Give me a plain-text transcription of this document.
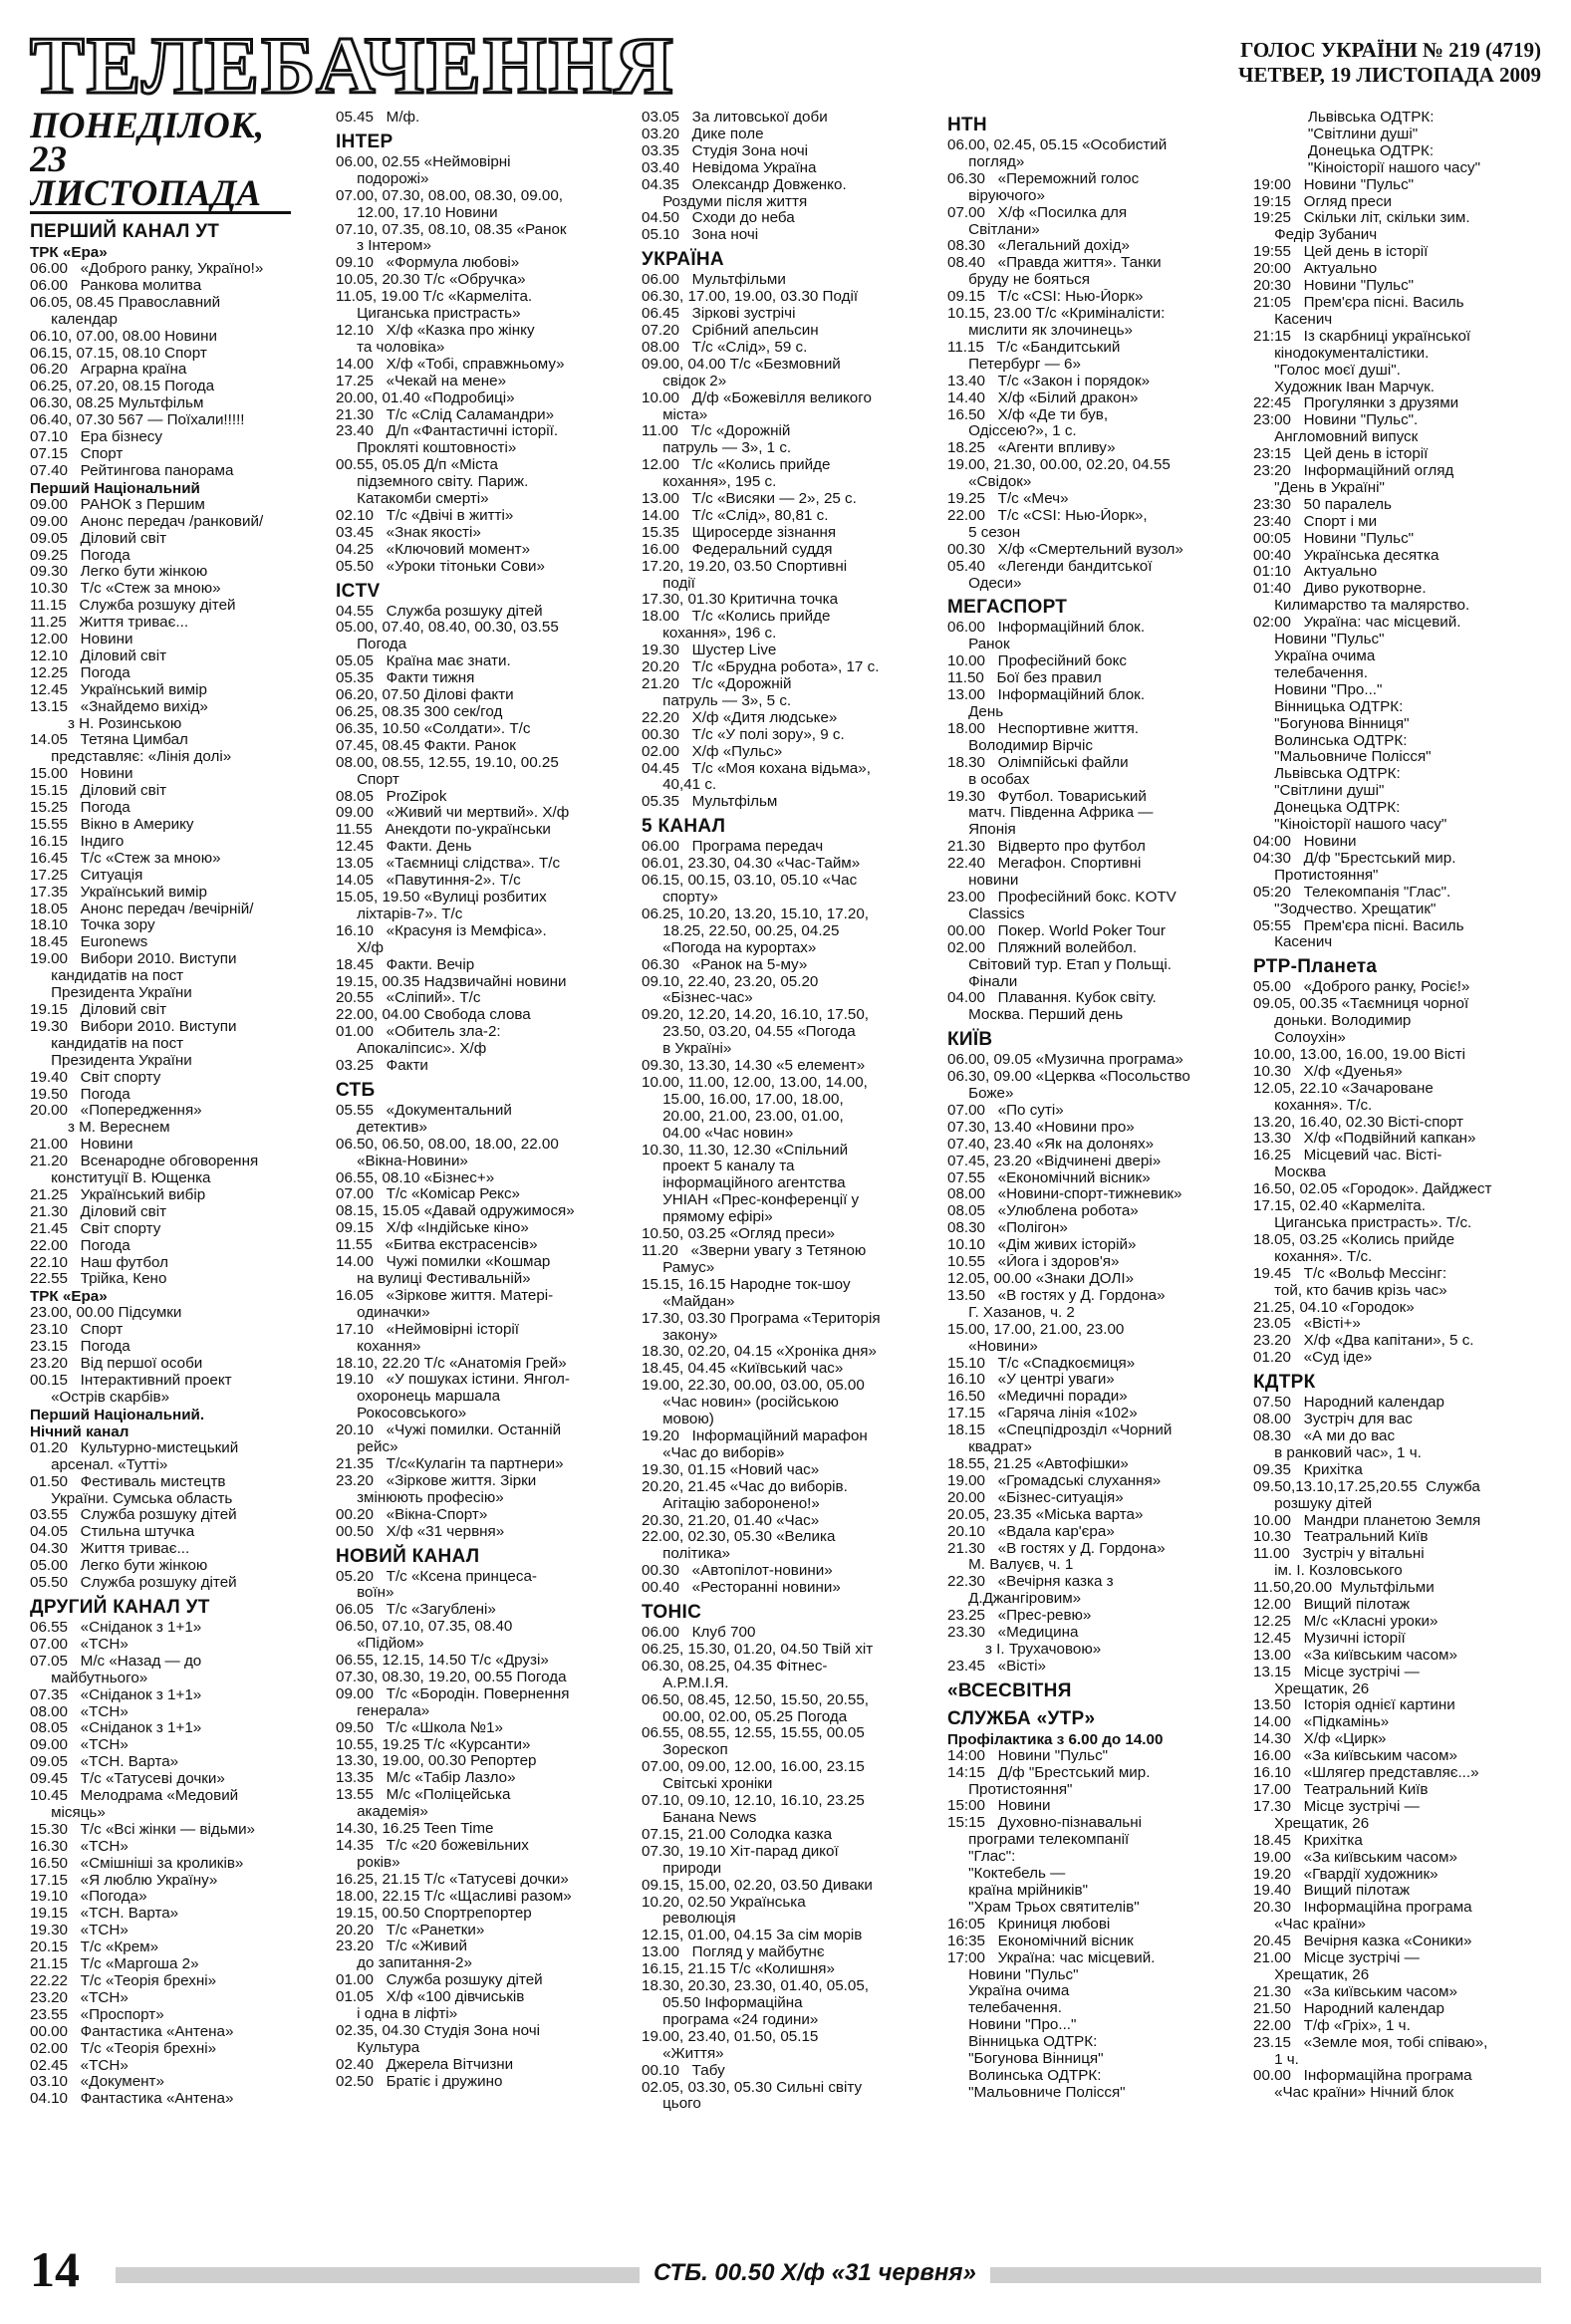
ТЕЛЕБАЧЕННЯ	ГОЛОС УКРАЇНИ № 219 (4719)
ЧЕТВЕР, 19 ЛИСТОПАДА 2009
ПОНЕДІЛОК, 23 ЛИСТОПАДА
ПЕРШИЙ КАНАЛ УТ
ТРК «Ера»
06.00   «Доброго ранку, Україно!»
06.00   Ранкова молитва
06.05, 08.45 Православний
календар
06.10, 07.00, 08.00 Новини
06.15, 07.15, 08.10 Спорт
06.20   Аграрна країна
06.25, 07.20, 08.15 Погода
06.30, 08.25 Мультфільм
06.40, 07.30 567 — Поїхали!!!!!
07.10   Ера бізнесу
07.15   Спорт
07.40   Рейтингова панорама
Перший Національний
09.00   РАНОК з Першим
09.00   Анонс передач /ранковий/
09.05   Діловий світ
09.25   Погода
09.30   Легко бути жінкою
10.30   Т/с «Стеж за мною»
11.15   Служба розшуку дітей
11.25   Життя триває...
12.00   Новини
12.10   Діловий світ
12.25   Погода
12.45   Український вимір
13.15   «Знайдемо вихід»
з Н. Розинською
14.05   Тетяна Цимбал
представляє: «Лінія долі»
15.00   Новини
15.15   Діловий світ
15.25   Погода
15.55   Вікно в Америку
16.15   Індиго
16.45   Т/с «Стеж за мною»
17.25   Ситуація
17.35   Український вимір
18.05   Анонс передач /вечірній/
18.10   Точка зору
18.45   Euronews
19.00   Вибори 2010. Виступи
кандидатів на пост
Президента України
19.15   Діловий світ
19.30   Вибори 2010. Виступи
кандидатів на пост
Президента України
19.40   Світ спорту
19.50   Погода
20.00   «Попередження»
з М. Вереснем
21.00   Новини
21.20   Всенародне обговорення
конституції В. Ющенка
21.25   Український вибір
21.30   Діловий світ
21.45   Світ спорту
22.00   Погода
22.10   Наш футбол
22.55   Трійка, Кено
ТРК «Ера»
23.00, 00.00 Підсумки
23.10   Спорт
23.15   Погода
23.20   Від першої особи
00.15   Інтерактивний проект
«Острів скарбів»
Перший Національний.
Нічний канал
01.20   Культурно-мистецький
арсенал. «Тутті»
01.50   Фестиваль мистецтв
України. Сумська область
03.55   Служба розшуку дітей
04.05   Стильна штучка
04.30   Життя триває...
05.00   Легко бути жінкою
05.50   Служба розшуку дітей
ДРУГИЙ КАНАЛ УТ
06.55   «Сніданок з 1+1»
07.00   «ТСН»
07.05   М/с «Назад — до
майбутнього»
07.35   «Сніданок з 1+1»
08.00   «ТСН»
08.05   «Сніданок з 1+1»
09.00   «ТСН»
09.05   «ТСН. Варта»
09.45   Т/с «Татусеві дочки»
10.45   Мелодрама «Медовий
місяць»
15.30   Т/с «Всі жінки — відьми»
16.30   «ТСН»
16.50   «Смішніші за кроликів»
17.15   «Я люблю Україну»
19.10   «Погода»
19.15   «ТСН. Варта»
19.30   «ТСН»
20.15   Т/с «Крем»
21.15   Т/с «Маргоша 2»
22.22   Т/с «Теорія брехні»
23.20   «ТСН»
23.55   «Проспорт»
00.00   Фантастика «Антена»
02.00   Т/с «Теорія брехні»
02.45   «ТСН»
03.10   «Документ»
04.10   Фантастика «Антена»
05.45   М/ф.
ІНТЕР
06.00, 02.55 «Неймовірні
подорожі»
07.00, 07.30, 08.00, 08.30, 09.00,
12.00, 17.10 Новини
07.10, 07.35, 08.10, 08.35 «Ранок
з Інтером»
09.10   «Формула любові»
10.05, 20.30 Т/с «Обручка»
11.05, 19.00 Т/с «Кармеліта.
Циганська пристрасть»
12.10   Х/ф «Казка про жінку
та чоловіка»
14.00   Х/ф «Тобі, справжньому»
17.25   «Чекай на мене»
20.00, 01.40 «Подробиці»
21.30   Т/с «Слід Саламандри»
23.40   Д/п «Фантастичні історії.
Прокляті коштовності»
00.55, 05.05 Д/п «Міста
підземного світу. Париж.
Катакомби смерті»
02.10   Т/с «Двічі в житті»
03.45   «Знак якості»
04.25   «Ключовий момент»
05.50   «Уроки тітоньки Сови»
ICTV
04.55   Служба розшуку дітей
05.00, 07.40, 08.40, 00.30, 03.55
Погода
05.05   Країна має знати.
05.35   Факти тижня
06.20, 07.50 Ділові факти
06.25, 08.35 300 сек/год
06.35, 10.50 «Солдати». Т/с
07.45, 08.45 Факти. Ранок
08.00, 08.55, 12.55, 19.10, 00.25
Спорт
08.05   ProZipok
09.00   «Живий чи мертвий». Х/ф
11.55   Анекдоти по-українськи
12.45   Факти. День
13.05   «Таємниці слідства». Т/с
14.05   «Павутиння-2». Т/с
15.05, 19.50 «Вулиці розбитих
ліхтарів-7». Т/с
16.10   «Красуня із Мемфіса».
Х/ф
18.45   Факти. Вечір
19.15, 00.35 Надзвичайні новини
20.55   «Сліпий». Т/с
22.00, 04.00 Свобода слова
01.00   «Обитель зла-2:
Апокаліпсис». Х/ф
03.25   Факти
СТБ
05.55   «Документальний
детектив»
06.50, 06.50, 08.00, 18.00, 22.00
«Вікна-Новини»
06.55, 08.10 «Бізнес+»
07.00   Т/с «Комісар Рекс»
08.15, 15.05 «Давай одружимося»
09.15   Х/ф «Індійське кіно»
11.55   «Битва екстрасенсів»
14.00   Чужі помилки «Кошмар
на вулиці Фестивальній»
16.05   «Зіркове життя. Матері-
одиначки»
17.10   «Неймовірні історії
кохання»
18.10, 22.20 Т/с «Анатомія Грей»
19.10   «У пошуках істини. Янгол-
охоронець маршала
Рокосовського»
20.10   «Чужі помилки. Останній
рейс»
21.35   Т/с«Кулагін та партнери»
23.20   «Зіркове життя. Зірки
змінюють професію»
00.20   «Вікна-Спорт»
00.50   Х/ф «31 червня»
НОВИЙ КАНАЛ
05.20   Т/с «Ксена принцеса-
воїн»
06.05   Т/с «Загублені»
06.50, 07.10, 07.35, 08.40
«Підйом»
06.55, 12.15, 14.50 Т/с «Друзі»
07.30, 08.30, 19.20, 00.55 Погода
09.00   Т/с «Бородін. Повернення
генерала»
09.50   Т/с «Школа №1»
10.55, 19.25 Т/с «Курсанти»
13.30, 19.00, 00.30 Репортер
13.35   М/с «Табір Лазло»
13.55   М/с «Поліцейська
академія»
14.30, 16.25 Teen Time
14.35   Т/с «20 божевільних
років»
16.25, 21.15 Т/с «Татусеві дочки»
18.00, 22.15 Т/с «Щасливі разом»
19.15, 00.50 Спортрепортер
20.20   Т/с «Ранетки»
23.20   Т/с «Живий
до запитання-2»
01.00   Служба розшуку дітей
01.05   Х/ф «100 дівчиськів
і одна в ліфті»
02.35, 04.30 Студія Зона ночі
Культура
02.40   Джерела Вітчизни
02.50   Братіє і дружино
03.05   За литовської доби
03.20   Дике поле
03.35   Студія Зона ночі
03.40   Невідома Україна
04.35   Олександр Довженко.
Роздуми після життя
04.50   Сходи до неба
05.10   Зона ночі
УКРАЇНА
06.00   Мультфільми
06.30, 17.00, 19.00, 03.30 Події
06.45   Зіркові зустрічі
07.20   Срібний апельсин
08.00   Т/с «Слід», 59 с.
09.00, 04.00 Т/с «Безмовний
свідок 2»
10.00   Д/ф «Божевілля великого
міста»
11.00   Т/с «Дорожній
патруль — 3», 1 с.
12.00   Т/с «Колись прийде
кохання», 195 с.
13.00   Т/с «Висяки — 2», 25 с.
14.00   Т/с «Слід», 80,81 с.
15.35   Щиросерде зізнання
16.00   Федеральний суддя
17.20, 19.20, 03.50 Спортивні
події
17.30, 01.30 Критична точка
18.00   Т/с «Колись прийде
кохання», 196 с.
19.30   Шустер Live
20.20   Т/с «Брудна робота», 17 с.
21.20   Т/с «Дорожній
патруль — 3», 5 с.
22.20   Х/ф «Дитя людське»
00.30   Т/с «У полі зору», 9 с.
02.00   Х/ф «Пульс»
04.45   Т/с «Моя кохана відьма»,
40,41 с.
05.35   Мультфільм
5 КАНАЛ
06.00   Програма передач
06.01, 23.30, 04.30 «Час-Тайм»
06.15, 00.15, 03.10, 05.10 «Час
спорту»
06.25, 10.20, 13.20, 15.10, 17.20,
18.25, 22.50, 00.25, 04.25
«Погода на курортах»
06.30   «Ранок на 5-му»
09.10, 22.40, 23.20, 05.20
«Бізнес-час»
09.20, 12.20, 14.20, 16.10, 17.50,
23.50, 03.20, 04.55 «Погода
в Україні»
09.30, 13.30, 14.30 «5 елемент»
10.00, 11.00, 12.00, 13.00, 14.00,
15.00, 16.00, 17.00, 18.00,
20.00, 21.00, 23.00, 01.00,
04.00 «Час новин»
10.30, 11.30, 12.30 «Спільний
проект 5 каналу та
інформаційного агентства
УНІАН «Прес-конференції у
прямому ефірі»
10.50, 03.25 «Огляд преси»
11.20   «Зверни увагу з Тетяною
Рамус»
15.15, 16.15 Народне ток-шоу
«Майдан»
17.30, 03.30 Програма «Територія
закону»
18.30, 02.20, 04.15 «Хроніка дня»
18.45, 04.45 «Київський час»
19.00, 22.30, 00.00, 03.00, 05.00
«Час новин» (російською
мовою)
19.20   Інформаційний марафон
«Час до виборів»
19.30, 01.15 «Новий час»
20.20, 21.45 «Час до виборів.
Агітацію заборонено!»
20.30, 21.20, 01.40 «Час»
22.00, 02.30, 05.30 «Велика
політика»
00.30   «Автопілот-новини»
00.40   «Ресторанні новини»
ТОНІС
06.00   Клуб 700
06.25, 15.30, 01.20, 04.50 Твій хіт
06.30, 08.25, 04.35 Фітнес-
А.Р.М.І.Я.
06.50, 08.45, 12.50, 15.50, 20.55,
00.00, 02.00, 05.25 Погода
06.55, 08.55, 12.55, 15.55, 00.05
Зорескоп
07.00, 09.00, 12.00, 16.00, 23.15
Світські хроніки
07.10, 09.10, 12.10, 16.10, 23.25
Банана News
07.15, 21.00 Солодка казка
07.30, 19.10 Хіт-парад дикої
природи
09.15, 15.00, 02.20, 03.50 Диваки
10.20, 02.50 Українська
революція
12.15, 01.00, 04.15 За сім морів
13.00   Погляд у майбутнє
16.15, 21.15 Т/с «Колишня»
18.30, 20.30, 23.30, 01.40, 05.05,
05.50 Інформаційна
програма «24 години»
19.00, 23.40, 01.50, 05.15
«Життя»
00.10   Табу
02.05, 03.30, 05.30 Сильні світу
цього
НТН
06.00, 02.45, 05.15 «Особистий
погляд»
06.30   «Переможний голос
віруючого»
07.00   Х/ф «Посилка для
Світлани»
08.30   «Легальний дохід»
08.40   «Правда життя». Танки
бруду не бояться
09.15   Т/с «CSI: Нью-Йорк»
10.15, 23.00 Т/с «Криміналісти:
мислити як злочинець»
11.15   Т/с «Бандитський
Петербург — 6»
13.40   Т/с «Закон і порядок»
14.40   Х/ф «Білий дракон»
16.50   Х/ф «Де ти був,
Одіссею?», 1 с.
18.25   «Агенти впливу»
19.00, 21.30, 00.00, 02.20, 04.55
«Свідок»
19.25   Т/с «Меч»
22.00   Т/с «CSI: Нью-Йорк»,
5 сезон
00.30   Х/ф «Смертельний вузол»
05.40   «Легенди бандитської
Одеси»
МЕГАСПОРТ
06.00   Інформаційний блок.
Ранок
10.00   Професійний бокс
11.50   Бої без правил
13.00   Інформаційний блок.
День
18.00   Неспортивне життя.
Володимир Вірчіс
18.30   Олімпійські файли
в особах
19.30   Футбол. Товариський
матч. Південна Африка —
Японія
21.30   Відверто про футбол
22.40   Мегафон. Спортивні
новини
23.00   Професійний бокс. KOTV
Classics
00.00   Покер. World Poker Tour
02.00   Пляжний волейбол.
Світовий тур. Етап у Польщі.
Фінали
04.00   Плавання. Кубок світу.
Москва. Перший день
КИЇВ
06.00, 09.05 «Музична програма»
06.30, 09.00 «Церква «Посольство
Боже»
07.00   «По суті»
07.30, 13.40 «Новини про»
07.40, 23.40 «Як на долонях»
07.45, 23.20 «Відчинені двері»
07.55   «Економічний вісник»
08.00   «Новини-спорт-тижневик»
08.05   «Улюблена робота»
08.30   «Полігон»
10.10   «Дім живих історій»
10.55   «Йога і здоров'я»
12.05, 00.00 «Знаки ДОЛІ»
13.50   «В гостях у Д. Гордона»
Г. Хазанов, ч. 2
15.00, 17.00, 21.00, 23.00
«Новини»
15.10   Т/с «Спадкоємиця»
16.10   «У центрі уваги»
16.50   «Медичні поради»
17.15   «Гаряча лінія «102»
18.15   «Спецпідрозділ «Чорний
квадрат»
18.55, 21.25 «Автофішки»
19.00   «Громадські слухання»
20.00   «Бізнес-ситуація»
20.05, 23.35 «Міська варта»
20.10   «Вдала кар'єра»
21.30   «В гостях у Д. Гордона»
М. Валуєв, ч. 1
22.30   «Вечірня казка з
Д.Джангіровим»
23.25   «Прес-ревю»
23.30   «Медицина
з І. Трухачовою»
23.45   «Вісті»
«ВСЕСВІТНЯ
СЛУЖБА «УТР»
Профілактика з 6.00 до 14.00
14:00   Новини "Пульс"
14:15   Д/ф "Брестський мир.
Протистояння"
15:00   Новини
15:15   Духовно-пізнавальні
програми телекомпанії
"Глас":
"Коктебель —
країна мрійників"
"Храм Трьох святителів"
16:05   Криниця любові
16:35   Економічний вісник
17:00   Україна: час місцевий.
Новини "Пульс"
Україна очима
телебачення.
Новини "Про..."
Вінницька ОДТРК:
"Богунова Вінниця"
Волинська ОДТРК:
"Мальовниче Полісся"
Львівська ОДТРК:
"Світлини душі"
Донецька ОДТРК:
"Кіноісторії нашого часу"
19:00   Новини "Пульс"
19:15   Огляд преси
19:25   Скільки літ, скільки зим.
Федір Зубанич
19:55   Цей день в історії
20:00   Актуально
20:30   Новини "Пульс"
21:05   Прем'єра пісні. Василь
Касенич
21:15   Із скарбниці української
кінодокументалістики.
"Голос моєї душі".
Художник Іван Марчук.
22:45   Прогулянки з друзями
23:00   Новини "Пульс".
Англомовний випуск
23:15   Цей день в історії
23:20   Інформаційний огляд
"День в Україні"
23:30   50 паралель
23:40   Спорт і ми
00:05   Новини "Пульс"
00:40   Українська десятка
01:10   Актуально
01:40   Диво рукотворне.
Килимарство та малярство.
02:00   Україна: час місцевий.
Новини "Пульс"
Україна очима
телебачення.
Новини "Про..."
Вінницька ОДТРК:
"Богунова Вінниця"
Волинська ОДТРК:
"Мальовниче Полісся"
Львівська ОДТРК:
"Світлини душі"
Донецька ОДТРК:
"Кіноісторії нашого часу"
04:00   Новини
04:30   Д/ф "Брестський мир.
Протистояння"
05:20   Телекомпанія "Глас".
"Зодчество. Хрещатик"
05:55   Прем'єра пісні. Василь
Касенич
РТР-Планета
05.00   «Доброго ранку, Росіє!»
09.05, 00.35 «Таємниця чорної
доньки. Володимир
Солоухін»
10.00, 13.00, 16.00, 19.00 Вісті
10.30   Х/ф «Дуенья»
12.05, 22.10 «Зачароване
кохання». Т/с.
13.20, 16.40, 02.30 Вісті-спорт
13.30   Х/ф «Подвійний капкан»
16.25   Місцевий час. Вісті-
Москва
16.50, 02.05 «Городок». Дайджест
17.15, 02.40 «Кармеліта.
Циганська пристрасть». Т/с.
18.05, 03.25 «Колись прийде
кохання». Т/с.
19.45   Т/с «Вольф Мессінг:
той, кто бачив крізь час»
21.25, 04.10 «Городок»
23.05   «Вісті+»
23.20   Х/ф «Два капітани», 5 с.
01.20   «Суд іде»
КДТРК
07.50   Народний календар
08.00   Зустріч для вас
08.30   «А ми до вас
в ранковий час», 1 ч.
09.35   Крихітка
09.50,13.10,17.25,20.55  Служба
розшуку дітей
10.00   Мандри планетою Земля
10.30   Театральний Київ
11.00   Зустріч у вітальні
ім. І. Козловського
11.50,20.00  Мультфільми
12.00   Вищий пілотаж
12.25   М/с «Класні уроки»
12.45   Музичні історії
13.00   «За київським часом»
13.15   Місце зустрічі —
Хрещатик, 26
13.50   Історія однієї картини
14.00   «Підкамінь»
14.30   Х/ф «Цирк»
16.00   «За київським часом»
16.10   «Шлягер представляє...»
17.00   Театральний Київ
17.30   Місце зустрічі —
Хрещатик, 26
18.45   Крихітка
19.00   «За київським часом»
19.20   «Гвардії художник»
19.40   Вищий пілотаж
20.30   Інформаційна програма
«Час країни»
20.45   Вечірня казка «Соники»
21.00   Місце зустрічі —
Хрещатик, 26
21.30   «За київським часом»
21.50   Народний календар
22.00   Т/ф «Гріх», 1 ч.
23.15   «Земле моя, тобі співаю»,
1 ч.
00.00   Інформаційна програма
«Час країни» Нічний блок
14	СТБ. 00.50 Х/ф «31 червня»
